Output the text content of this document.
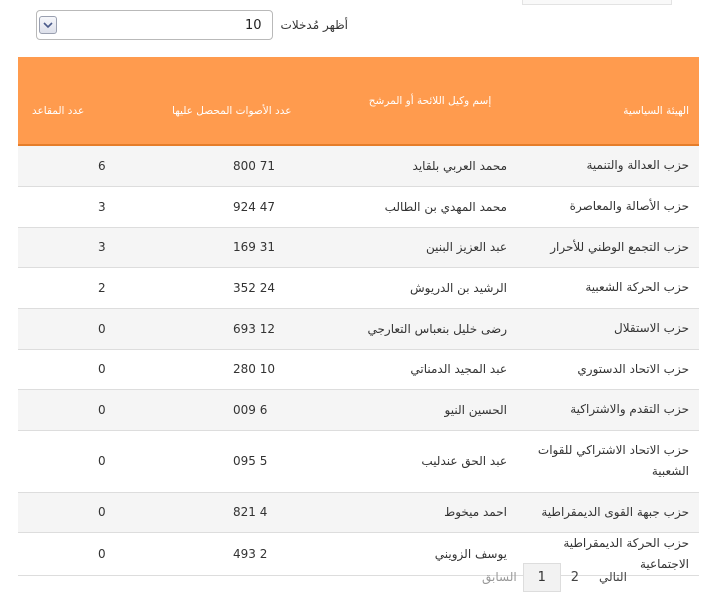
أظهر مُدخلات
10
الهيئة السياسية	إسم وكيل اللائحة أو المرشح	عدد الأصوات المحصل عليها	عدد المقاعد
حزب العدالة والتنمية	محمد العربي بلقايد	71 800	6
حزب الأصالة والمعاصرة	محمد المهدي بن الطالب	47 924	3
حزب التجمع الوطني للأحرار	عبد العزيز البنين	31 169	3
حزب الحركة الشعبية	الرشيد بن الدريوش	24 352	2
حزب الاستقلال	رضى خليل بنعباس التعارجي	12 693	0
حزب الاتحاد الدستوري	عبد المجيد الدمناتي	10 280	0
حزب التقدم والاشتراكية	الحسين النيو	6 009	0
حزب الاتحاد الاشتراكي للقوات الشعبية	عبد الحق عندليب	5 095	0
حزب جبهة القوى الديمقراطية	احمد ميخوط	4 821	0
حزب الحركة الديمقراطية الاجتماعية	يوسف الزويني	2 493	0
السابق	1	2	التالي
